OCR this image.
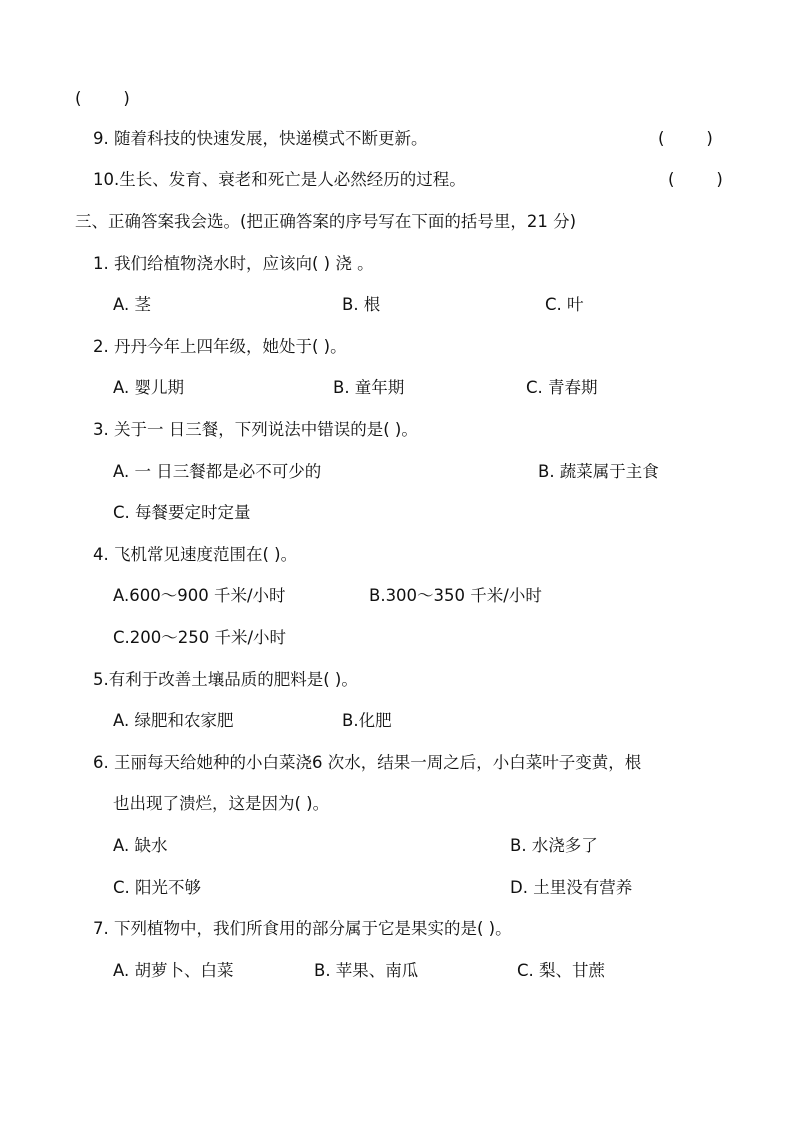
(        )
9. 随着科技的快速发展，快递模式不断更新。	(        )
10.生长、发育、衰老和死亡是人必然经历的过程。	(        )
三、正确答案我会选。(把正确答案的序号写在下面的括号里，21 分)
1. 我们给植物浇水时，应该向( ) 浇 。
A. 茎	B. 根	C. 叶
2. 丹丹今年上四年级，她处于( )。
A. 婴儿期	B. 童年期	C. 青春期
3. 关于一 日三餐，下列说法中错误的是( )。
A. 一 日三餐都是必不可少的	B. 蔬菜属于主食
C. 每餐要定时定量
4. 飞机常见速度范围在( )。
A.600～900 千米/小时	B.300～350 千米/小时
C.200～250 千米/小时
5.有利于改善土壤品质的肥料是( )。
A. 绿肥和农家肥	B.化肥
6. 王丽每天给她种的小白菜浇6 次水，结果一周之后，小白菜叶子变黄，根
也出现了溃烂，这是因为( )。
A. 缺水	B. 水浇多了
C. 阳光不够	D. 土里没有营养
7. 下列植物中，我们所食用的部分属于它是果实的是( )。
A. 胡萝卜、白菜	B. 苹果、南瓜	C. 梨、甘蔗
